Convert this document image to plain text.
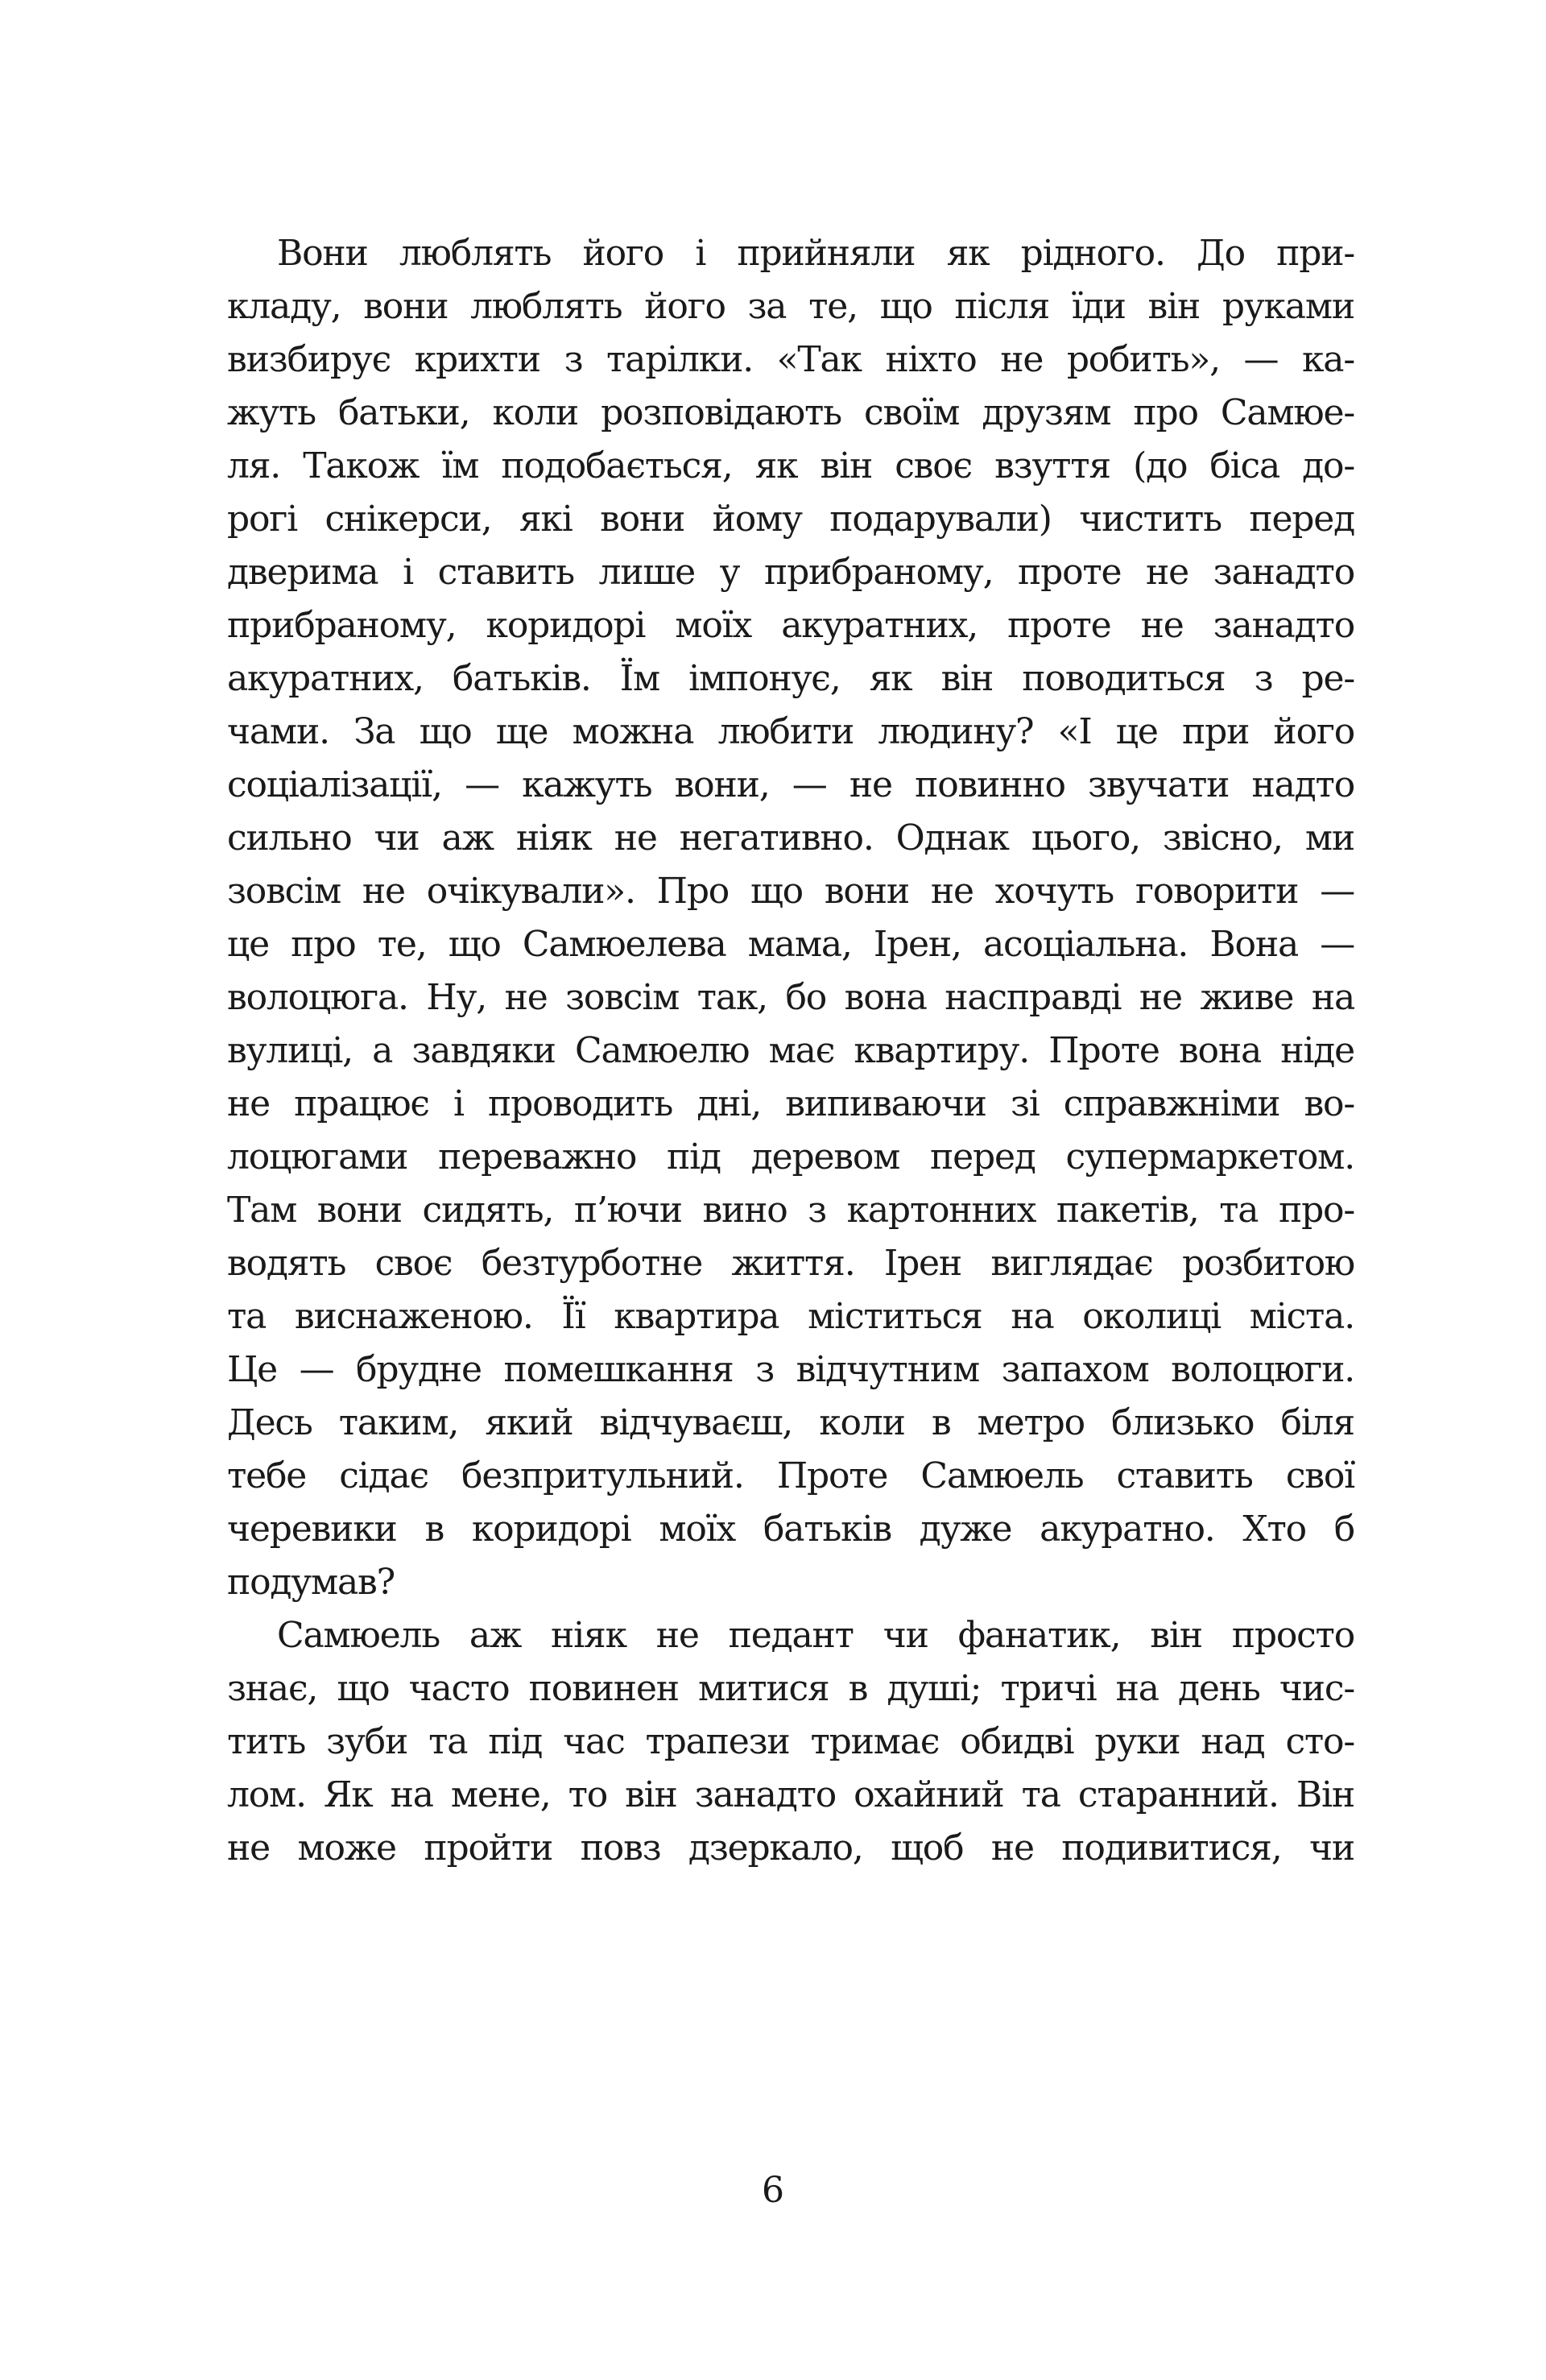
Вони люблять його і прийняли як рідного. До при-
кладу, вони люблять його за те, що після їди він руками
визбирує крихти з тарілки. «Так ніхто не робить», — ка-
жуть батьки, коли розповідають своїм друзям про Самюе-
ля. Також їм подобається, як він своє взуття (до біса до-
рогі снікерси, які вони йому подарували) чистить перед
дверима і ставить лише у прибраному, проте не занадто
прибраному, коридорі моїх акуратних, проте не занадто
акуратних, батьків. Їм імпонує, як він поводиться з ре-
чами. За що ще можна любити людину? «І це при його
соціалізації, — кажуть вони, — не повинно звучати надто
сильно чи аж ніяк не негативно. Однак цього, звісно, ми
зовсім не очікували». Про що вони не хочуть говорити —
це про те, що Самюелева мама, Ірен, асоціальна. Вона —
волоцюга. Ну, не зовсім так, бо вона насправді не живе на
вулиці, а завдяки Самюелю має квартиру. Проте вона ніде
не працює і проводить дні, випиваючи зі справжніми во-
лоцюгами переважно під деревом перед супермаркетом.
Там вони сидять, п’ючи вино з картонних пакетів, та про-
водять своє безтурботне життя. Ірен виглядає розбитою
та виснаженою. Її квартира міститься на околиці міста.
Це — брудне помешкання з відчутним запахом волоцюги.
Десь таким, який відчуваєш, коли в метро близько біля
тебе сідає безпритульний. Проте Самюель ставить свої
черевики в коридорі моїх батьків дуже акуратно. Хто б
подумав?
Самюель аж ніяк не педант чи фанатик, він просто
знає, що часто повинен митися в душі; тричі на день чис-
тить зуби та під час трапези тримає обидві руки над сто-
лом. Як на мене, то він занадто охайний та старанний. Він
не може пройти повз дзеркало, щоб не подивитися, чи
6
